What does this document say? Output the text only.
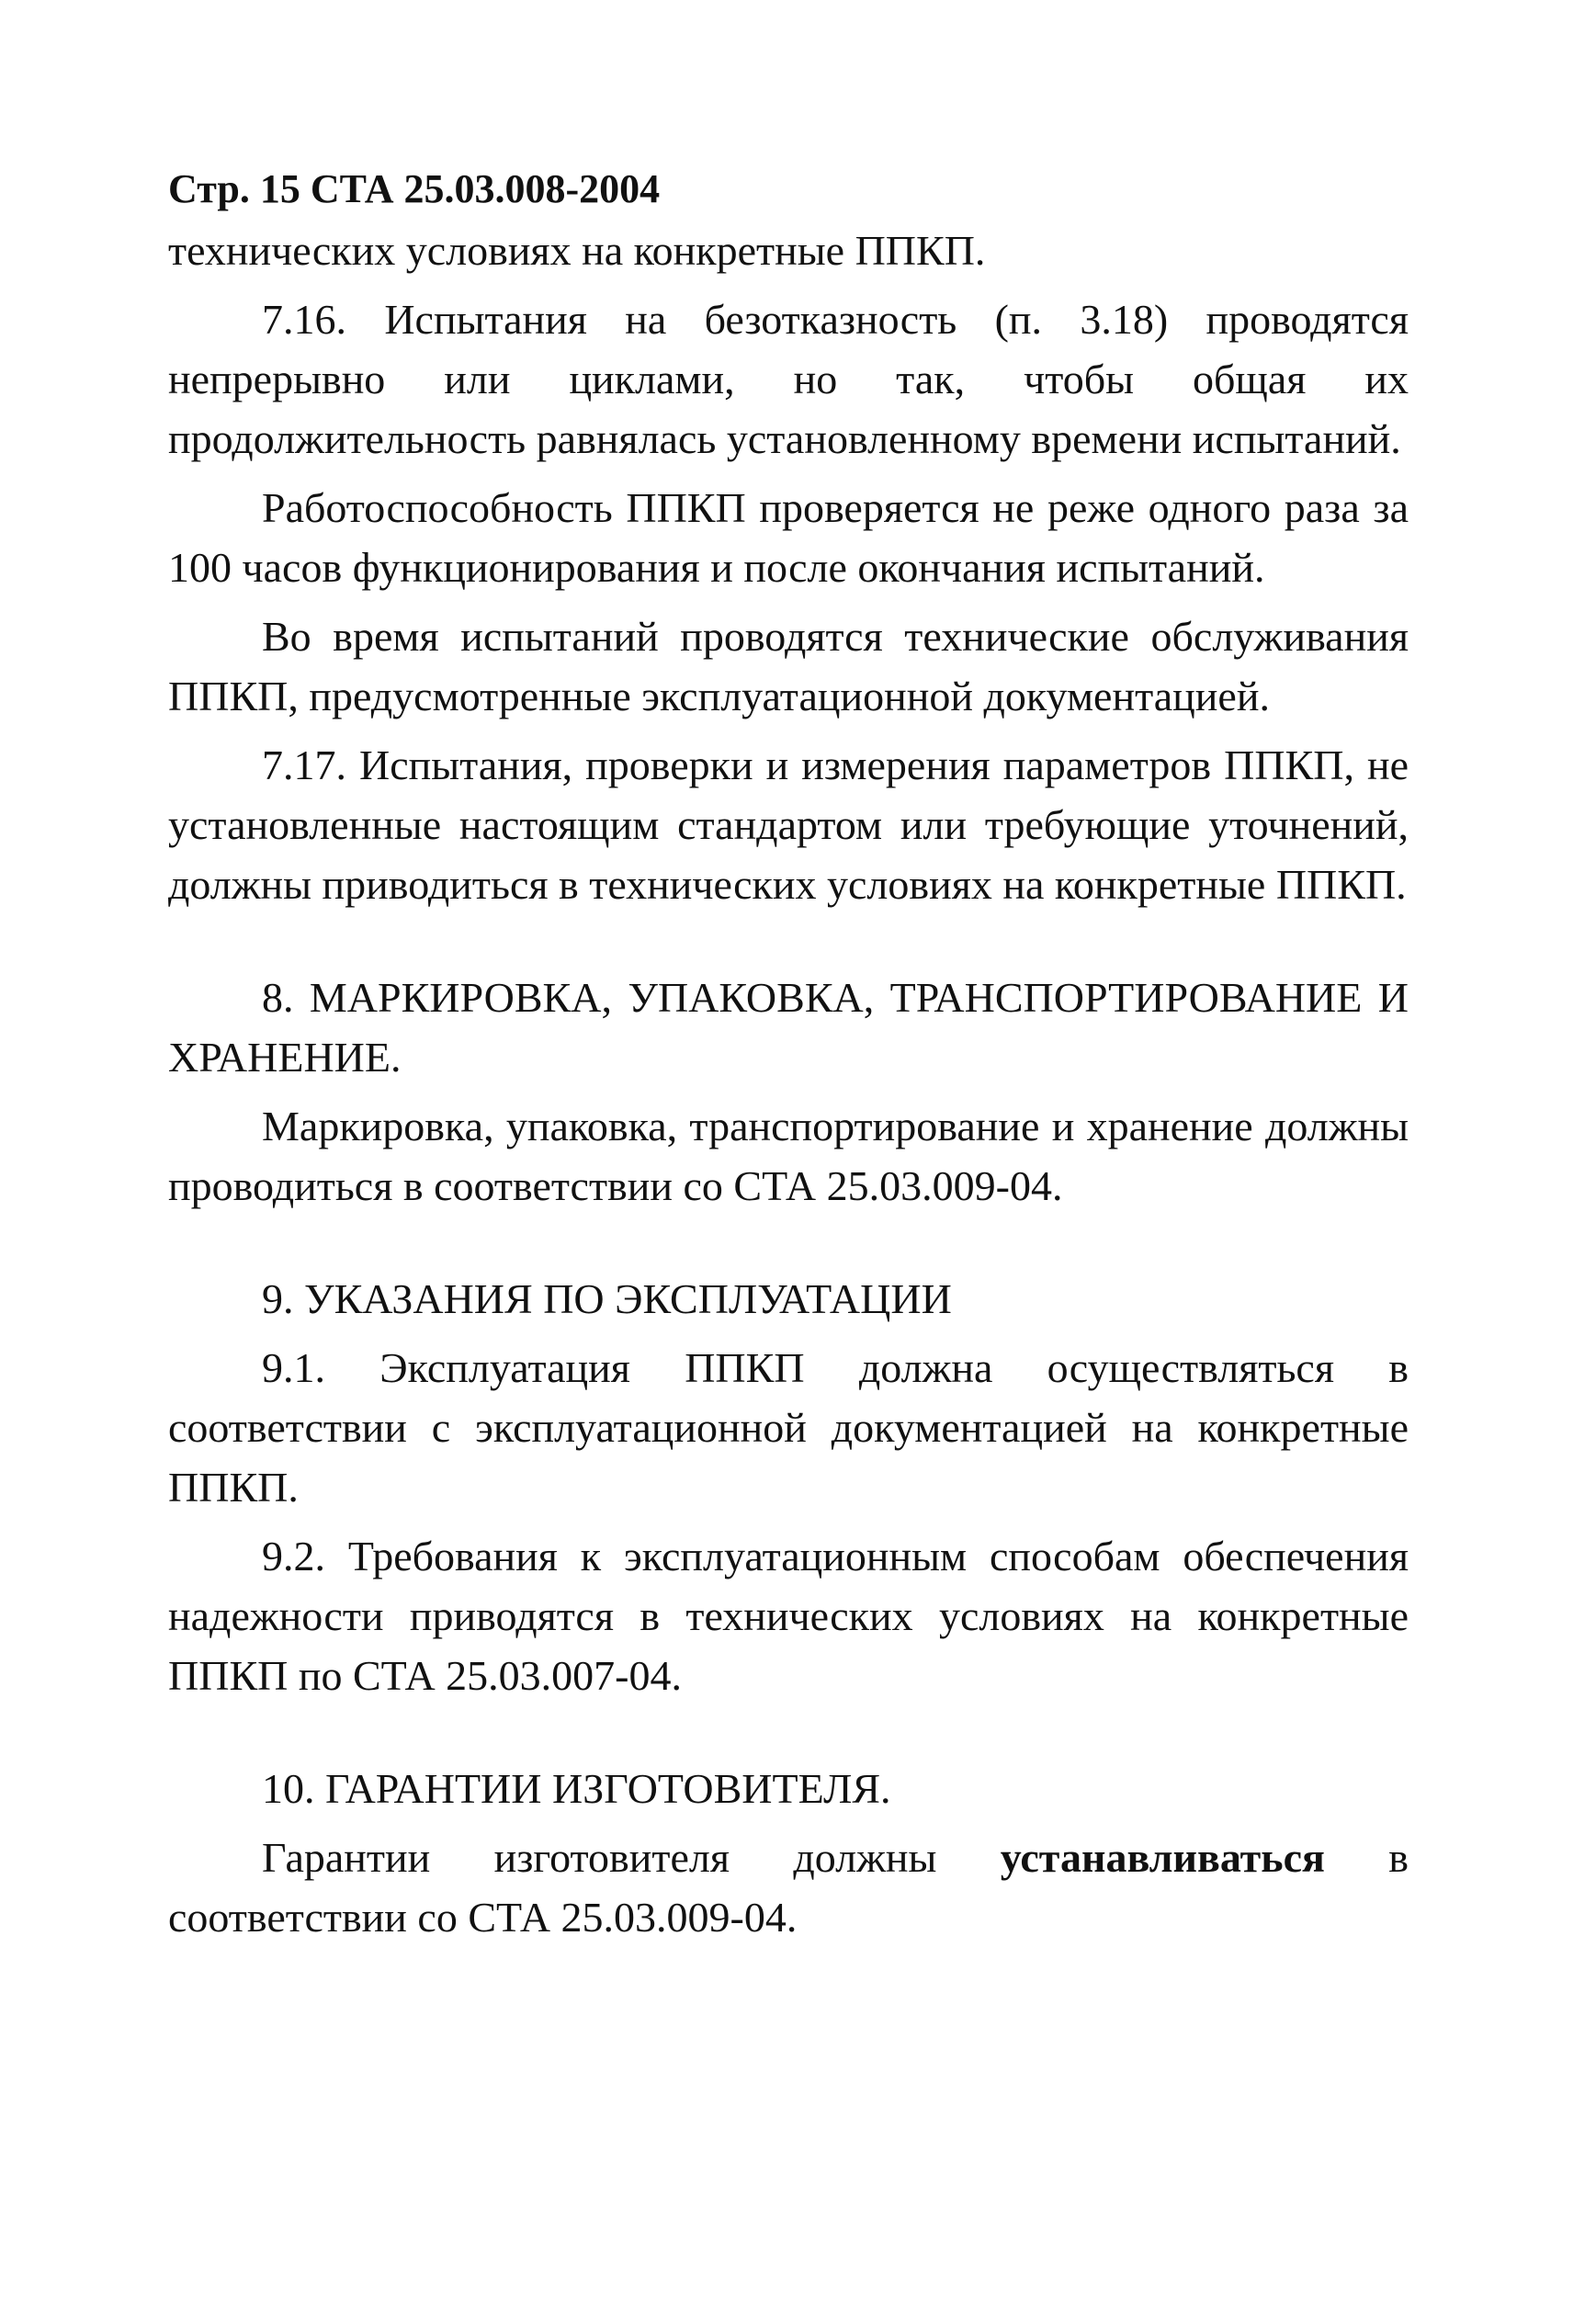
Стр. 15 СТА 25.03.008-2004

технических условиях на конкретные ППКП.

7.16. Испытания на безотказность (п. 3.18) проводятся непрерывно или циклами, но так, чтобы общая их продолжительность равнялась установленному времени испытаний.

Работоспособность ППКП проверяется не реже одного раза за 100 часов функционирования и после окончания испытаний.

Во время испытаний проводятся технические обслуживания ППКП, предусмотренные эксплуатационной документацией.

7.17. Испытания, проверки и измерения параметров ППКП, не установленные настоящим стандартом или требующие уточнений, должны приводиться в технических условиях на конкретные ППКП.

8. МАРКИРОВКА, УПАКОВКА, ТРАНСПОРТИРОВАНИЕ И ХРАНЕНИЕ.

Маркировка, упаковка, транспортирование и хранение должны проводиться в соответствии со СТА 25.03.009-04.

9. УКАЗАНИЯ ПО ЭКСПЛУАТАЦИИ

9.1. Эксплуатация ППКП должна осуществляться в соответствии с эксплуатационной документацией на конкретные ППКП.

9.2. Требования к эксплуатационным способам обеспечения надежности приводятся в технических условиях на конкретные ППКП по СТА 25.03.007-04.

10. ГАРАНТИИ ИЗГОТОВИТЕЛЯ.

Гарантии изготовителя должны устанавливаться в соответствии со СТА 25.03.009-04.
